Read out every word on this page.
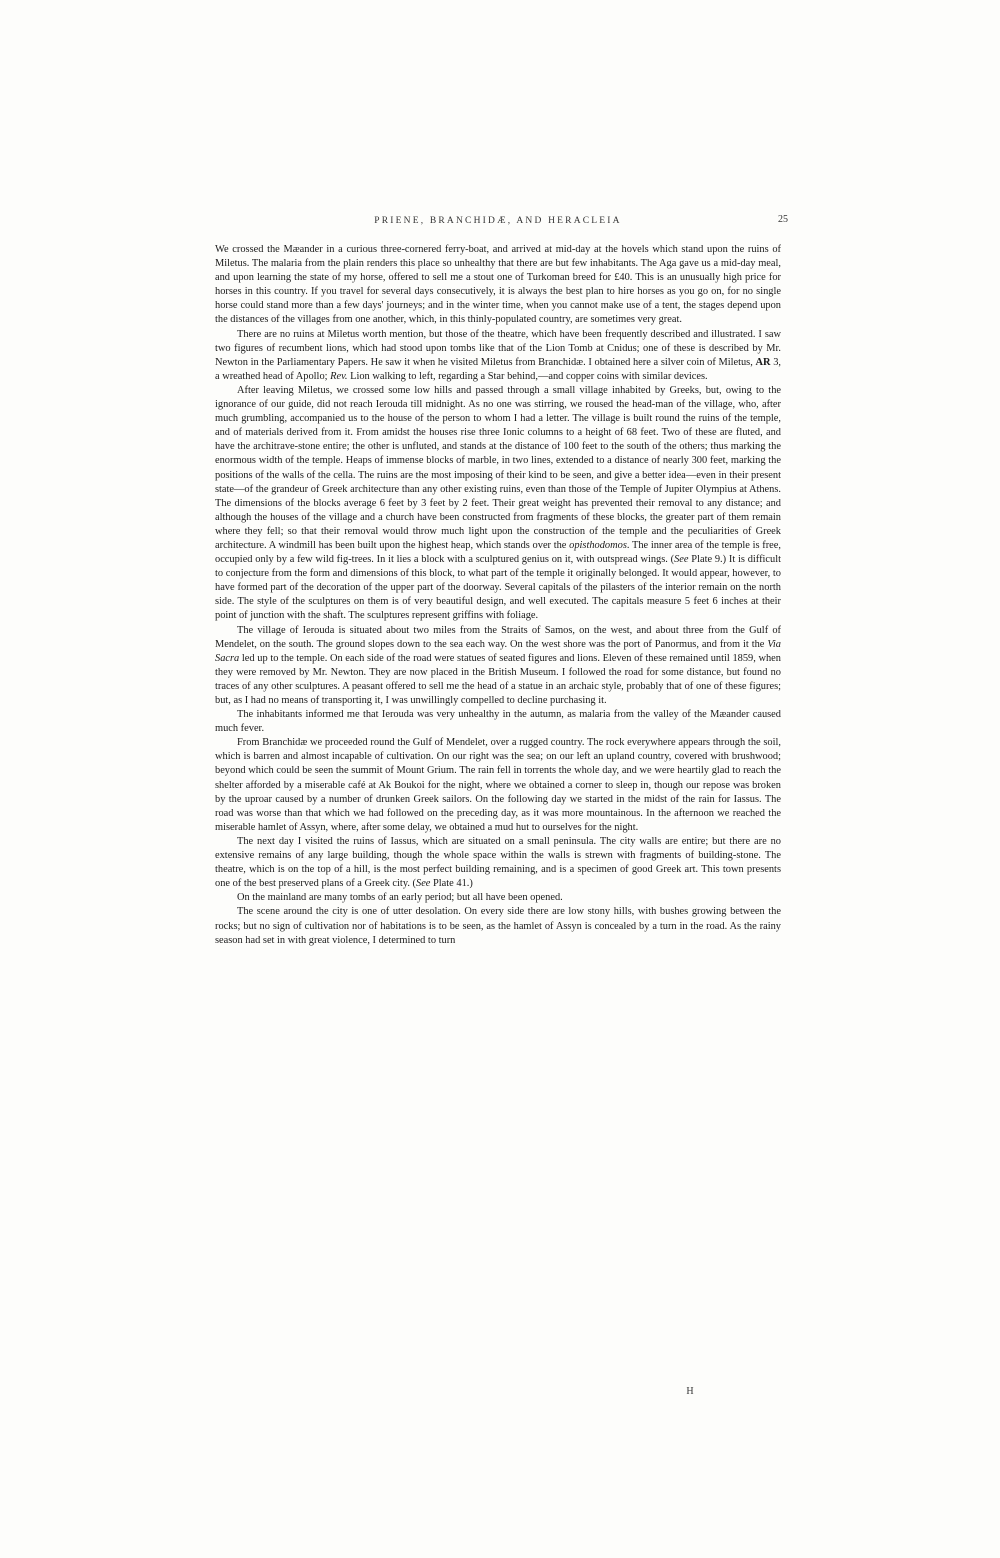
PRIENE, BRANCHIDÆ, AND HERACLEIA	25

We crossed the Mæander in a curious three-cornered ferry-boat, and arrived at mid-day at the hovels which stand upon the ruins of Miletus. The malaria from the plain renders this place so unhealthy that there are but few inhabitants. The Aga gave us a mid-day meal, and upon learning the state of my horse, offered to sell me a stout one of Turkoman breed for £40. This is an unusually high price for horses in this country. If you travel for several days consecutively, it is always the best plan to hire horses as you go on, for no single horse could stand more than a few days' journeys; and in the winter time, when you cannot make use of a tent, the stages depend upon the distances of the villages from one another, which, in this thinly-populated country, are sometimes very great.

There are no ruins at Miletus worth mention, but those of the theatre, which have been frequently described and illustrated. I saw two figures of recumbent lions, which had stood upon tombs like that of the Lion Tomb at Cnidus; one of these is described by Mr. Newton in the Parliamentary Papers. He saw it when he visited Miletus from Branchidæ. I obtained here a silver coin of Miletus, AR 3, a wreathed head of Apollo; Rev. Lion walking to left, regarding a Star behind,—and copper coins with similar devices.

After leaving Miletus, we crossed some low hills and passed through a small village inhabited by Greeks, but, owing to the ignorance of our guide, did not reach Ierouda till midnight. As no one was stirring, we roused the head-man of the village, who, after much grumbling, accompanied us to the house of the person to whom I had a letter. The village is built round the ruins of the temple, and of materials derived from it. From amidst the houses rise three Ionic columns to a height of 68 feet. Two of these are fluted, and have the architrave-stone entire; the other is unfluted, and stands at the distance of 100 feet to the south of the others; thus marking the enormous width of the temple. Heaps of immense blocks of marble, in two lines, extended to a distance of nearly 300 feet, marking the positions of the walls of the cella. The ruins are the most imposing of their kind to be seen, and give a better idea—even in their present state—of the grandeur of Greek architecture than any other existing ruins, even than those of the Temple of Jupiter Olympius at Athens. The dimensions of the blocks average 6 feet by 3 feet by 2 feet. Their great weight has prevented their removal to any distance; and although the houses of the village and a church have been constructed from fragments of these blocks, the greater part of them remain where they fell; so that their removal would throw much light upon the construction of the temple and the peculiarities of Greek architecture. A windmill has been built upon the highest heap, which stands over the opisthodomos. The inner area of the temple is free, occupied only by a few wild fig-trees. In it lies a block with a sculptured genius on it, with outspread wings. (See Plate 9.) It is difficult to conjecture from the form and dimensions of this block, to what part of the temple it originally belonged. It would appear, however, to have formed part of the decoration of the upper part of the doorway. Several capitals of the pilasters of the interior remain on the north side. The style of the sculptures on them is of very beautiful design, and well executed. The capitals measure 5 feet 6 inches at their point of junction with the shaft. The sculptures represent griffins with foliage.

The village of Ierouda is situated about two miles from the Straits of Samos, on the west, and about three from the Gulf of Mendelet, on the south. The ground slopes down to the sea each way. On the west shore was the port of Panormus, and from it the Via Sacra led up to the temple. On each side of the road were statues of seated figures and lions. Eleven of these remained until 1859, when they were removed by Mr. Newton. They are now placed in the British Museum. I followed the road for some distance, but found no traces of any other sculptures. A peasant offered to sell me the head of a statue in an archaic style, probably that of one of these figures; but, as I had no means of transporting it, I was unwillingly compelled to decline purchasing it.

The inhabitants informed me that Ierouda was very unhealthy in the autumn, as malaria from the valley of the Mæander caused much fever.

From Branchidæ we proceeded round the Gulf of Mendelet, over a rugged country. The rock everywhere appears through the soil, which is barren and almost incapable of cultivation. On our right was the sea; on our left an upland country, covered with brushwood; beyond which could be seen the summit of Mount Grium. The rain fell in torrents the whole day, and we were heartily glad to reach the shelter afforded by a miserable café at Ak Boukoi for the night, where we obtained a corner to sleep in, though our repose was broken by the uproar caused by a number of drunken Greek sailors. On the following day we started in the midst of the rain for Iassus. The road was worse than that which we had followed on the preceding day, as it was more mountainous. In the afternoon we reached the miserable hamlet of Assyn, where, after some delay, we obtained a mud hut to ourselves for the night.

The next day I visited the ruins of Iassus, which are situated on a small peninsula. The city walls are entire; but there are no extensive remains of any large building, though the whole space within the walls is strewn with fragments of building-stone. The theatre, which is on the top of a hill, is the most perfect building remaining, and is a specimen of good Greek art. This town presents one of the best preserved plans of a Greek city. (See Plate 41.)

On the mainland are many tombs of an early period; but all have been opened.

The scene around the city is one of utter desolation. On every side there are low stony hills, with bushes growing between the rocks; but no sign of cultivation nor of habitations is to be seen, as the hamlet of Assyn is concealed by a turn in the road. As the rainy season had set in with great violence, I determined to turn

H
